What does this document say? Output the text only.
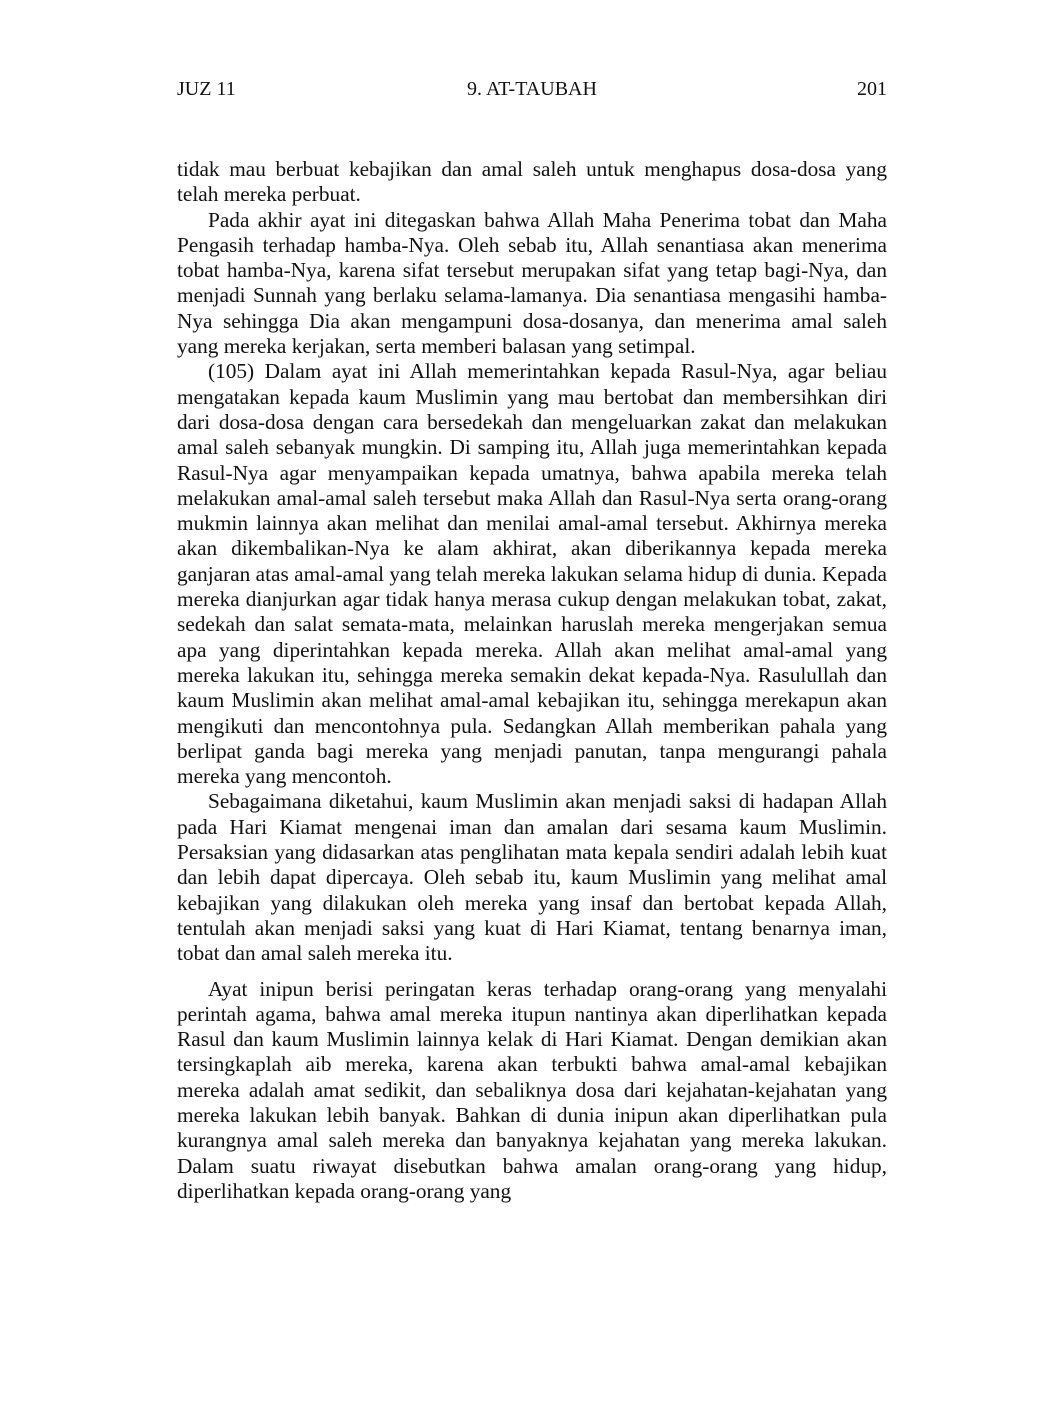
JUZ 11	9. AT-TAUBAH	201

tidak mau berbuat kebajikan dan amal saleh untuk menghapus dosa-dosa yang telah mereka perbuat.

Pada akhir ayat ini ditegaskan bahwa Allah Maha Penerima tobat dan Maha Pengasih terhadap hamba-Nya. Oleh sebab itu, Allah senantiasa akan menerima tobat hamba-Nya, karena sifat tersebut merupakan sifat yang tetap bagi-Nya, dan menjadi Sunnah yang berlaku selama-lamanya. Dia senantiasa mengasihi hamba-Nya sehingga Dia akan mengampuni dosa-dosanya, dan menerima amal saleh yang mereka kerjakan, serta memberi balasan yang setimpal.

(105) Dalam ayat ini Allah memerintahkan kepada Rasul-Nya, agar beliau mengatakan kepada kaum Muslimin yang mau bertobat dan membersihkan diri dari dosa-dosa dengan cara bersedekah dan mengeluarkan zakat dan melakukan amal saleh sebanyak mungkin. Di samping itu, Allah juga memerintahkan kepada Rasul-Nya agar menyampaikan kepada umatnya, bahwa apabila mereka telah melakukan amal-amal saleh tersebut maka Allah dan Rasul-Nya serta orang-orang mukmin lainnya akan melihat dan menilai amal-amal tersebut. Akhirnya mereka akan dikembalikan-Nya ke alam akhirat, akan diberikannya kepada mereka ganjaran atas amal-amal yang telah mereka lakukan selama hidup di dunia. Kepada mereka dianjurkan agar tidak hanya merasa cukup dengan melakukan tobat, zakat, sedekah dan salat semata-mata, melainkan haruslah mereka mengerjakan semua apa yang diperintahkan kepada mereka. Allah akan melihat amal-amal yang mereka lakukan itu, sehingga mereka semakin dekat kepada-Nya. Rasulullah dan kaum Muslimin akan melihat amal-amal kebajikan itu, sehingga merekapun akan mengikuti dan mencontohnya pula. Sedangkan Allah memberikan pahala yang berlipat ganda bagi mereka yang menjadi panutan, tanpa mengurangi pahala mereka yang mencontoh.

Sebagaimana diketahui, kaum Muslimin akan menjadi saksi di hadapan Allah pada Hari Kiamat mengenai iman dan amalan dari sesama kaum Muslimin. Persaksian yang didasarkan atas penglihatan mata kepala sendiri adalah lebih kuat dan lebih dapat dipercaya. Oleh sebab itu, kaum Muslimin yang melihat amal kebajikan yang dilakukan oleh mereka yang insaf dan bertobat kepada Allah, tentulah akan menjadi saksi yang kuat di Hari Kiamat, tentang benarnya iman, tobat dan amal saleh mereka itu.

Ayat inipun berisi peringatan keras terhadap orang-orang yang menyalahi perintah agama, bahwa amal mereka itupun nantinya akan diperlihatkan kepada Rasul dan kaum Muslimin lainnya kelak di Hari Kiamat. Dengan demikian akan tersingkaplah aib mereka, karena akan terbukti bahwa amal-amal kebajikan mereka adalah amat sedikit, dan sebaliknya dosa dari kejahatan-kejahatan yang mereka lakukan lebih banyak. Bahkan di dunia inipun akan diperlihatkan pula kurangnya amal saleh mereka dan banyaknya kejahatan yang mereka lakukan. Dalam suatu riwayat disebutkan bahwa amalan orang-orang yang hidup, diperlihatkan kepada orang-orang yang
